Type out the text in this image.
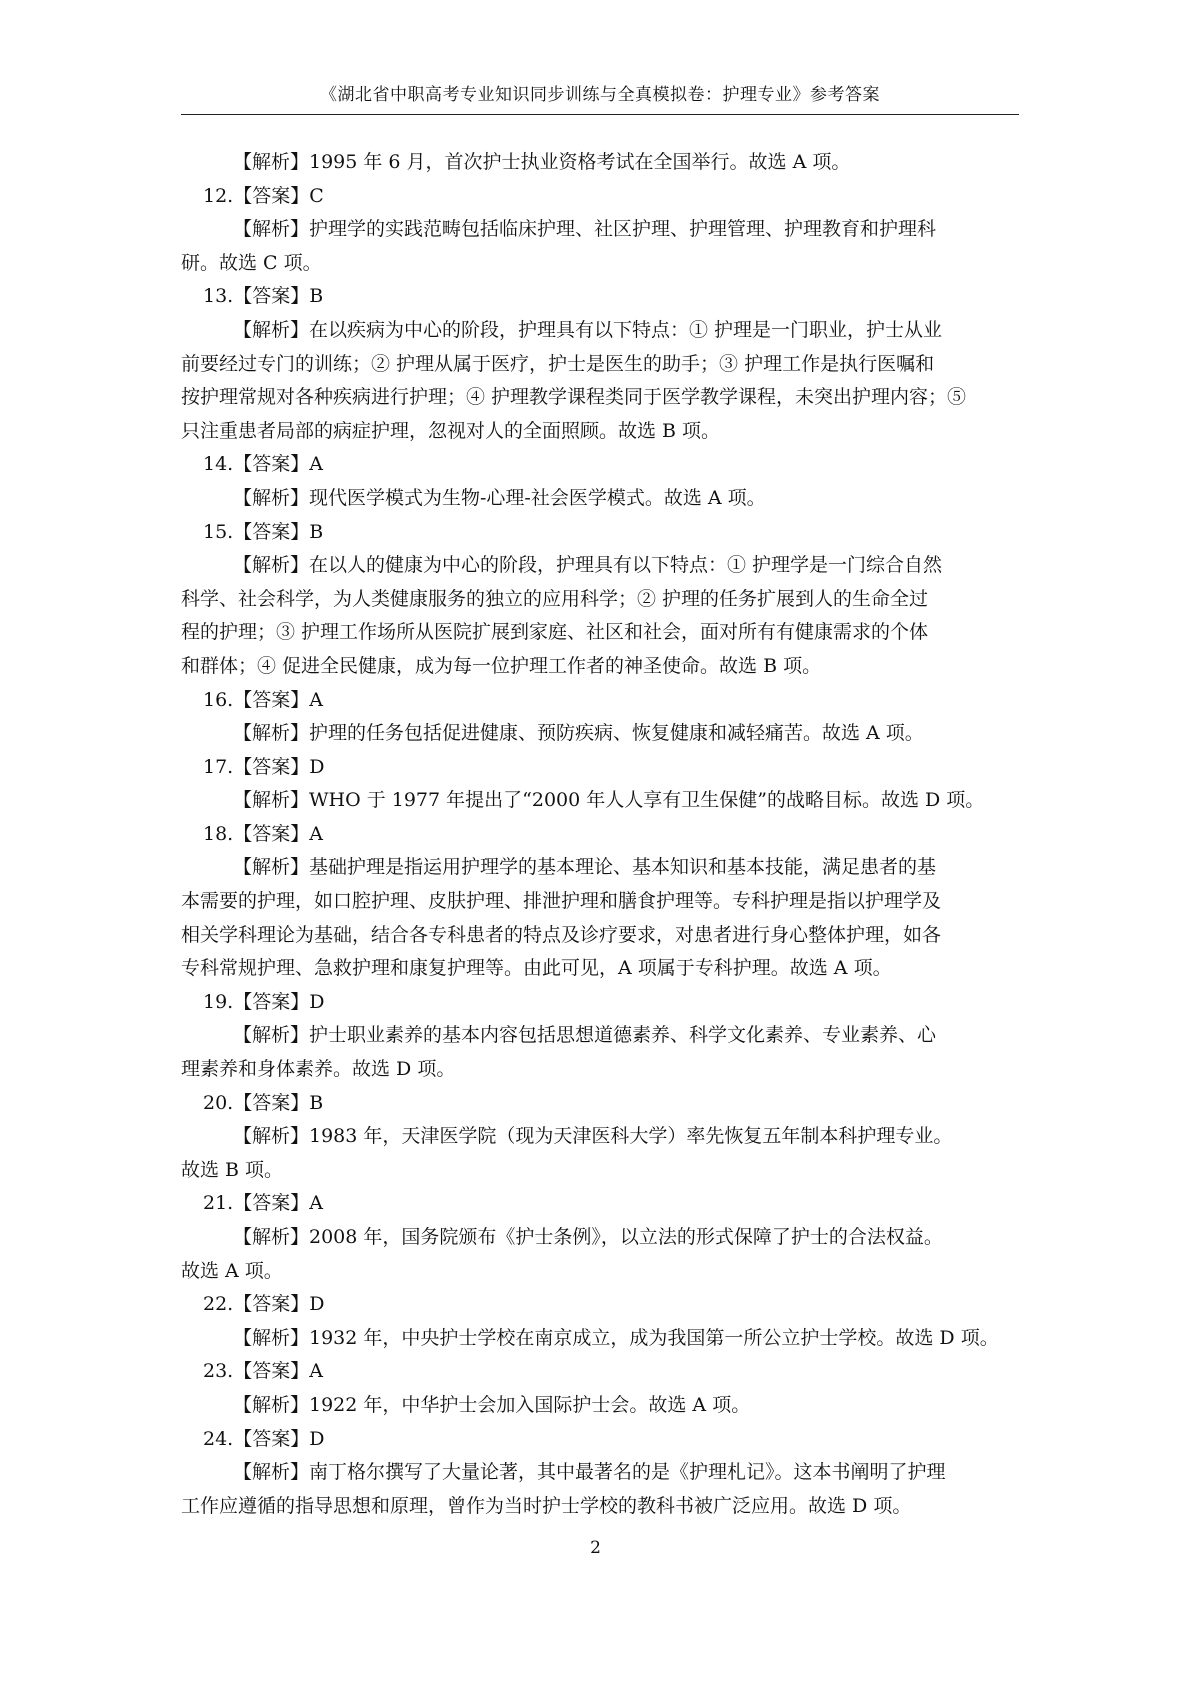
《湖北省中职高考专业知识同步训练与全真模拟卷：护理专业》参考答案
【解析】1995 年 6 月，首次护士执业资格考试在全国举行。故选 A 项。
12.【答案】C
【解析】护理学的实践范畴包括临床护理、社区护理、护理管理、护理教育和护理科
研。故选 C 项。
13.【答案】B
【解析】在以疾病为中心的阶段，护理具有以下特点：① 护理是一门职业，护士从业
前要经过专门的训练；② 护理从属于医疗，护士是医生的助手；③ 护理工作是执行医嘱和
按护理常规对各种疾病进行护理；④ 护理教学课程类同于医学教学课程，未突出护理内容；⑤
只注重患者局部的病症护理，忽视对人的全面照顾。故选 B 项。
14.【答案】A
【解析】现代医学模式为生物-心理-社会医学模式。故选 A 项。
15.【答案】B
【解析】在以人的健康为中心的阶段，护理具有以下特点：① 护理学是一门综合自然
科学、社会科学，为人类健康服务的独立的应用科学；② 护理的任务扩展到人的生命全过
程的护理；③ 护理工作场所从医院扩展到家庭、社区和社会，面对所有有健康需求的个体
和群体；④ 促进全民健康，成为每一位护理工作者的神圣使命。故选 B 项。
16.【答案】A
【解析】护理的任务包括促进健康、预防疾病、恢复健康和减轻痛苦。故选 A 项。
17.【答案】D
【解析】WHO 于 1977 年提出了“2000 年人人享有卫生保健”的战略目标。故选 D 项。
18.【答案】A
【解析】基础护理是指运用护理学的基本理论、基本知识和基本技能，满足患者的基
本需要的护理，如口腔护理、皮肤护理、排泄护理和膳食护理等。专科护理是指以护理学及
相关学科理论为基础，结合各专科患者的特点及诊疗要求，对患者进行身心整体护理，如各
专科常规护理、急救护理和康复护理等。由此可见，A 项属于专科护理。故选 A 项。
19.【答案】D
【解析】护士职业素养的基本内容包括思想道德素养、科学文化素养、专业素养、心
理素养和身体素养。故选 D 项。
20.【答案】B
【解析】1983 年，天津医学院（现为天津医科大学）率先恢复五年制本科护理专业。
故选 B 项。
21.【答案】A
【解析】2008 年，国务院颁布《护士条例》，以立法的形式保障了护士的合法权益。
故选 A 项。
22.【答案】D
【解析】1932 年，中央护士学校在南京成立，成为我国第一所公立护士学校。故选 D 项。
23.【答案】A
【解析】1922 年，中华护士会加入国际护士会。故选 A 项。
24.【答案】D
【解析】南丁格尔撰写了大量论著，其中最著名的是《护理札记》。这本书阐明了护理
工作应遵循的指导思想和原理，曾作为当时护士学校的教科书被广泛应用。故选 D 项。
2
